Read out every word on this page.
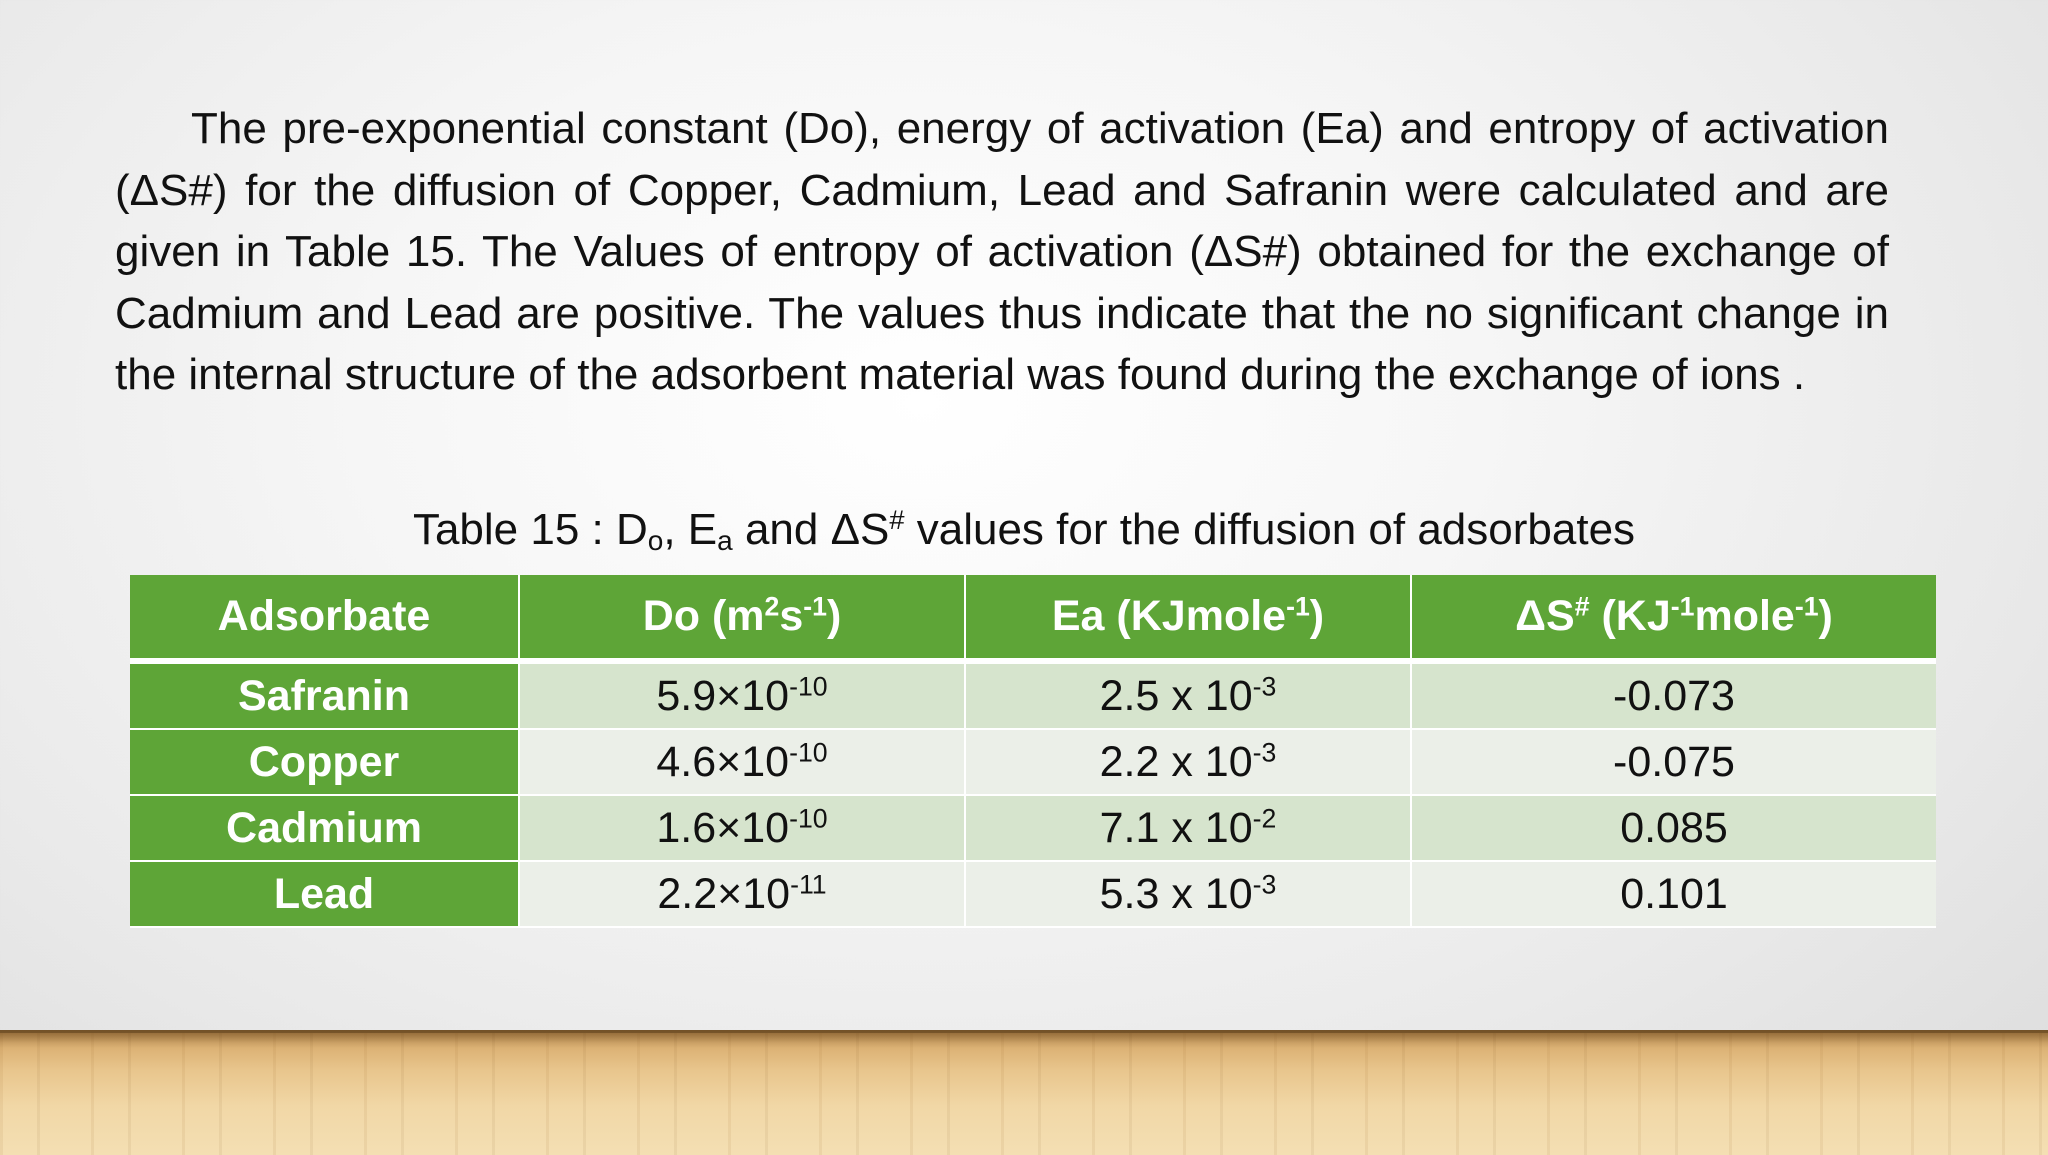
The pre-exponential constant (Do), energy of activation (Ea) and entropy of activation (ΔS#) for the diffusion of Copper, Cadmium, Lead and Safranin were calculated and are given in Table 15. The Values of entropy of activation (ΔS#) obtained for the exchange of Cadmium and Lead are positive. The values thus indicate that the no significant change in the internal structure of the adsorbent material was found during the exchange of ions .

Table 15 : $D_o$, $E_a$ and ΔS# values for the diffusion of adsorbates

Adsorbate	Do $(m^2s^{-1})$	Ea (KJmole$^{-1}$)	ΔS# $(KJ^{-1}mole^{-1})$
Safranin	$5.9\times 10^{-10}$	2.5 x $10^{-3}$	-0.073
Copper	$4.6\times 10^{-10}$	2.2 x $10^{-3}$	-0.075
Cadmium	$1.6\times 10^{-10}$	7.1 x $10^{-2}$	0.085
Lead	$2.2\times 10^{-11}$	5.3 x $10^{-3}$	0.101
